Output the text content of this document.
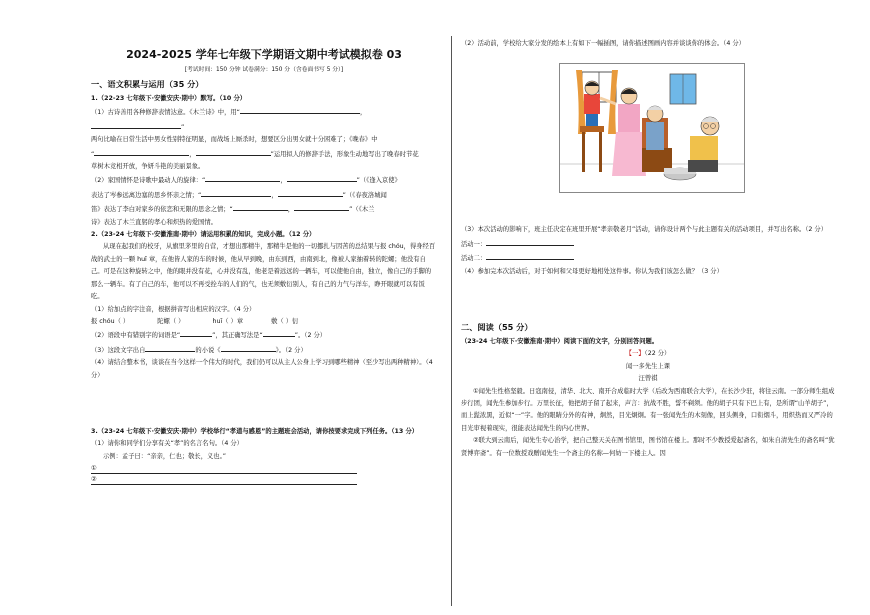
2024-2025 学年七年级下学期语文期中考试模拟卷 03
[考试时间：150 分钟 试卷满分：150 分（含卷面书写 5 分）]
一、语文积累与运用（35 分）

1.（22-23 七年级下·安徽安庆·期中）默写。（10 分）

（1）古诗善用各种修辞表情达意。《木兰诗》中，用“	，”

两句比喻在日常生活中男女性别特征明显，而战场上厮杀时，想要区分出男女就十分困难了；《晚春》中

“	，	”运用拟人的修辞手法，形象生动地写出了晚春时节花

草树木竞相开放，争妍斗艳的美丽景象。

（2）家国情怀是诗歌中最动人的旋律：“	，	”（《逢入京使》

表达了岑参远离边塞的思乡怀亲之情；“	，	”（《春夜洛城闻

笛》表达了李白对家乡的依恋和无限的思念之情；“	，	”（《木兰

诗》表达了木兰直躬的孝心和炽热的爱国情。

2.（23-24 七年级下·安徽淮南·期中）请运用积累的知识，完成小题。（12 分）

从现在起我们的校牙，从旗里茅里的自营，才想出那精牛，那精牛是他的一切挪扎与因苦的总结果与报 chóu，得身经百战的武士的一颗 huī 章，在他皆人家的车的时候，他从早到晚，由东到西，由南到北，像被人家抽着转的陀螺；他没有自己。可是在这种旋转之中，他的眼并没有花，心并没有乱，他老是着远远的一辆车，可以使他自由，独立，像自己的手脚的那么一辆车。有了自己的车，他可以不再受拴车的人们的气，也无须敷衍别人，有自己的力气与洋车，睁开眼就可以有饭吃。

（1）给加点的字注音，根据拼音写出相应的汉字。（4 分）

报 chóu（ ）	陀螺（ ）	huī（ ）章	敷（ ）衍

（2）语段中有错别字的词语是“	”，其正确写法是“	”。（2 分）

（3）这段文字出自	的小说《	》。（2 分）

（4）请结合整本书，谈谈在当今这样一个伟大的时代，我们仍可以从主人公身上学习到哪些精神（至少写出两种精神）。（4 分）

3.（23-24 七年级下·安徽安庆·期中）学校举行“孝道与感恩”的主题班会活动，请你按要求完成下列任务。（13 分）

（1）请你和同学们分享有关“孝”的名言名句。（4 分）

示例：孟子曰：“亲亲，仁也；敬长，义也。”

①
②

（2）活动前，学校给大家分发的绘本上有如下一幅插图，请你描述图画内容并谈谈你的体会。（4 分）

（3）本次活动的影响下，班主任决定在班里开展“孝亲敬老月”活动，请你设计两个与此主题有关的活动项目，并写出名称。（2 分）

活动一：

活动二：

（4）参加完本次活动后，对于如何和父母更好地相处这件事。你认为我们该怎么做？（3 分）

二、阅读（55 分）

（23-24 七年级下·安徽淮南·期中）阅读下面的文字，分别回答问题。

【一】（22 分）

闻一多先生上课

汪曾祺

①闻先生性格坚毅。日寇南侵，清华、北大、南开合成临时大学（后改为西南联合大学），在长沙少驻，将往云南。一部分师生组成步行团，闻先生参加步行。万里长征，他把胡子留了起来，声言：抗战不胜，誓不剃须。他的胡子只有下巴上有，是所谓“山羊胡子”，而上髭浓黑，近似“一”字。他的眼睛分外的有神，炯然，目光炯炯。有一张闻先生的木刻像，回头侧身，口衔烟斗，用炽热而又严冷的目光审视着现实，很能表达闻先生的内心世界。

②联大到云南后，闻先生专心治学，把自己整天关在图书馆里，图书馆在楼上。那时不少教授爱起斋名，如朱自清先生的斋名叫“犹贤博弈斋”。有一位数授戏赠闻先生一个斋主的名称—何妨一下楼主人。因
